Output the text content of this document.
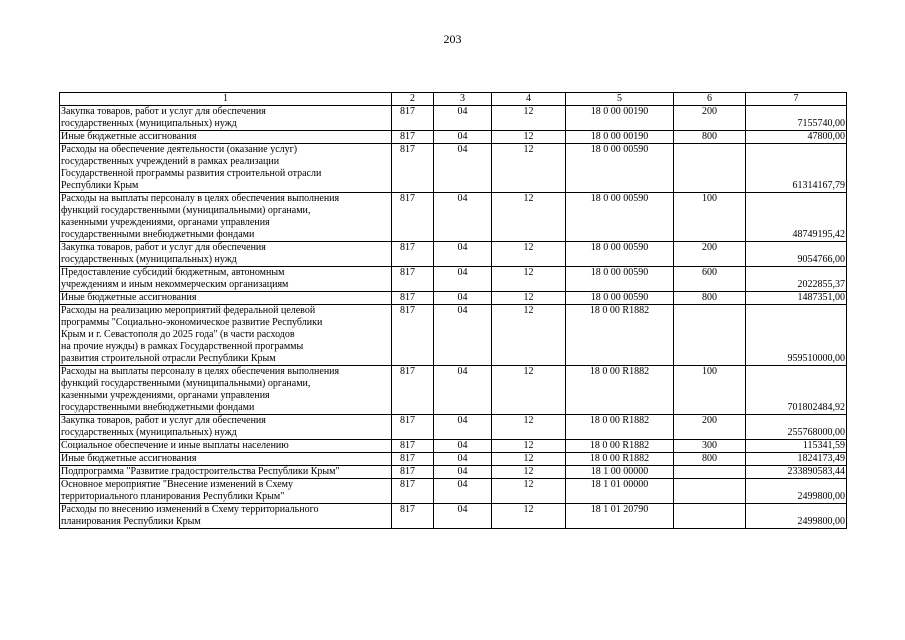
203
1	2	3	4	5	6	7

Закупка товаров, работ и услуг для обеспечения
государственных (муниципальных) нужд	817	04	12	18 0 00 00190	200	7155740,00

Иные бюджетные ассигнования	817	04	12	18 0 00 00190	800	47800,00

Расходы на обеспечение деятельности (оказание услуг)
государственных учреждений в рамках реализации
Государственной программы развития строительной отрасли
Республики Крым	817	04	12	18 0 00 00590		61314167,79

Расходы на выплаты персоналу в целях обеспечения выполнения
функций государственными (муниципальными) органами,
казенными учреждениями, органами управления
государственными внебюджетными фондами	817	04	12	18 0 00 00590	100	48749195,42

Закупка товаров, работ и услуг для обеспечения
государственных (муниципальных) нужд	817	04	12	18 0 00 00590	200	9054766,00

Предоставление субсидий бюджетным, автономным
учреждениям и иным некоммерческим организациям	817	04	12	18 0 00 00590	600	2022855,37

Иные бюджетные ассигнования	817	04	12	18 0 00 00590	800	1487351,00

Расходы на реализацию мероприятий федеральной целевой
программы "Социально-экономическое развитие Республики
Крым и г. Севастополя до 2025 года" (в части расходов
на прочие нужды) в рамках Государственной программы
развития строительной отрасли Республики Крым	817	04	12	18 0 00 R1882		959510000,00

Расходы на выплаты персоналу в целях обеспечения выполнения
функций государственными (муниципальными) органами,
казенными учреждениями, органами управления
государственными внебюджетными фондами	817	04	12	18 0 00 R1882	100	701802484,92

Закупка товаров, работ и услуг для обеспечения
государственных (муниципальных) нужд	817	04	12	18 0 00 R1882	200	255768000,00

Социальное обеспечение и иные выплаты населению	817	04	12	18 0 00 R1882	300	115341,59

Иные бюджетные ассигнования	817	04	12	18 0 00 R1882	800	1824173,49

Подпрограмма "Развитие градостроительства Республики Крым"	817	04	12	18 1 00 00000		233890583,44

Основное мероприятие "Внесение изменений в Схему
территориального планирования Республики Крым"	817	04	12	18 1 01 00000		2499800,00

Расходы по внесению изменений в Схему территориального
планирования Республики Крым	817	04	12	18 1 01 20790		2499800,00
